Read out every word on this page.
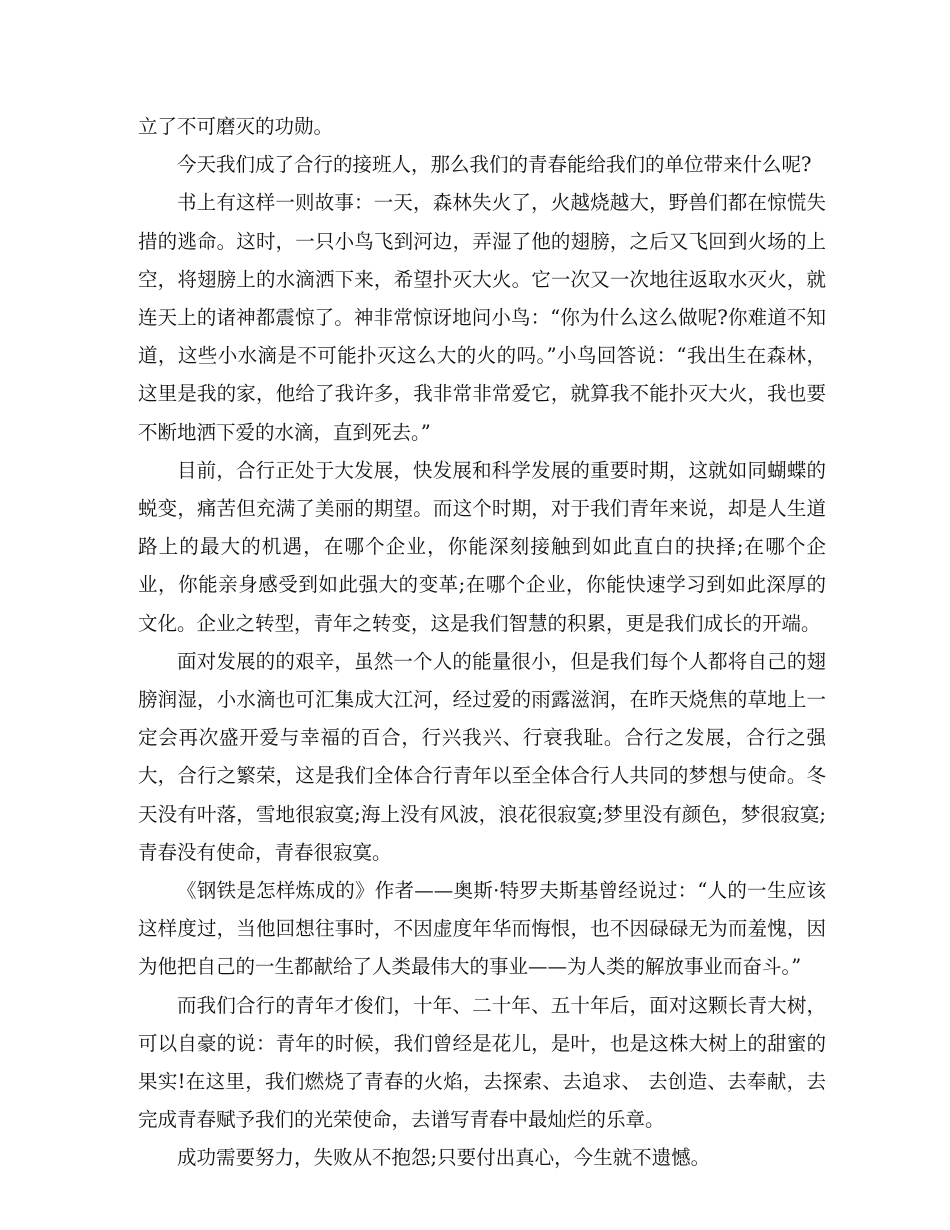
立了不可磨灭的功勋。

今天我们成了合行的接班人，那么我们的青春能给我们的单位带来什么呢?

书上有这样一则故事：一天，森林失火了，火越烧越大，野兽们都在惊慌失措的逃命。这时，一只小鸟飞到河边，弄湿了他的翅膀，之后又飞回到火场的上空，将翅膀上的水滴洒下来，希望扑灭大火。它一次又一次地往返取水灭火，就连天上的诸神都震惊了。神非常惊讶地问小鸟：“你为什么这么做呢?你难道不知道，这些小水滴是不可能扑灭这么大的火的吗。”小鸟回答说：“我出生在森林，这里是我的家，他给了我许多，我非常非常爱它，就算我不能扑灭大火，我也要不断地洒下爱的水滴，直到死去。”

目前，合行正处于大发展，快发展和科学发展的重要时期，这就如同蝴蝶的蜕变，痛苦但充满了美丽的期望。而这个时期，对于我们青年来说，却是人生道路上的最大的机遇，在哪个企业，你能深刻接触到如此直白的抉择;在哪个企业，你能亲身感受到如此强大的变革;在哪个企业，你能快速学习到如此深厚的文化。企业之转型，青年之转变，这是我们智慧的积累，更是我们成长的开端。

面对发展的的艰辛，虽然一个人的能量很小，但是我们每个人都将自己的翅膀润湿，小水滴也可汇集成大江河，经过爱的雨露滋润，在昨天烧焦的草地上一定会再次盛开爱与幸福的百合，行兴我兴、行衰我耻。合行之发展，合行之强大，合行之繁荣，这是我们全体合行青年以至全体合行人共同的梦想与使命。冬天没有叶落，雪地很寂寞;海上没有风波，浪花很寂寞;梦里没有颜色，梦很寂寞;青春没有使命，青春很寂寞。

《钢铁是怎样炼成的》作者——奥斯·特罗夫斯基曾经说过：“人的一生应该这样度过，当他回想往事时，不因虚度年华而悔恨，也不因碌碌无为而羞愧，因为他把自己的一生都献给了人类最伟大的事业——为人类的解放事业而奋斗。”

而我们合行的青年才俊们，十年、二十年、五十年后，面对这颗长青大树，可以自豪的说：青年的时候，我们曾经是花儿，是叶，也是这株大树上的甜蜜的果实!在这里，我们燃烧了青春的火焰，去探索、去追求、 去创造、去奉献，去完成青春赋予我们的光荣使命，去谱写青春中最灿烂的乐章。

成功需要努力，失败从不抱怨;只要付出真心，今生就不遗憾。
